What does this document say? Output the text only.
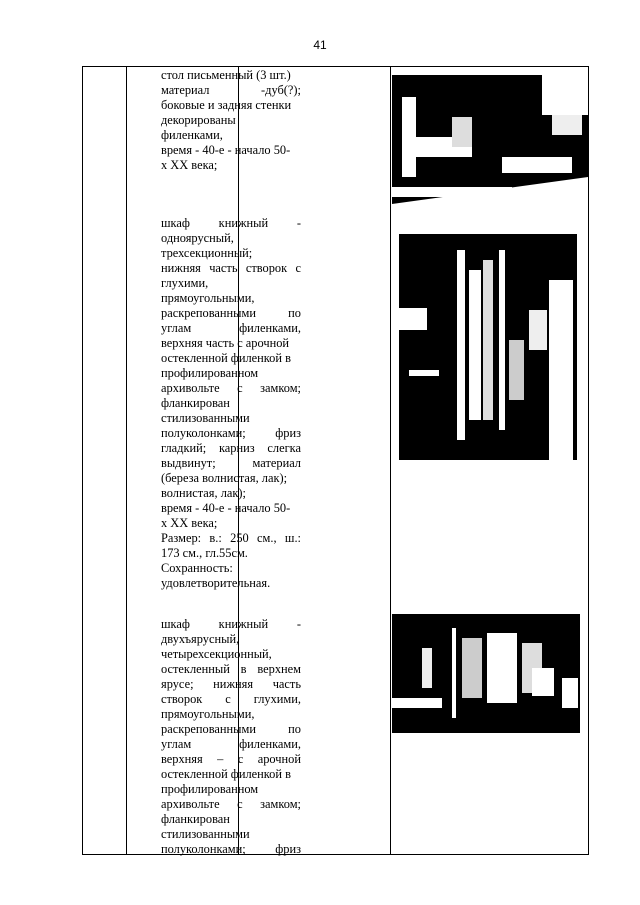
41
стол письменный (3 шт.)
материал -дуб(?);
боковые и задняя стенки
декорированы
филенками,
время - 40-е - начало 50-
х XX века;
шкаф книжный -
одноярусный,
трехсекционный;
нижняя часть створок с
глухими,
прямоугольными,
раскрепованными по
углам филенками,
верхняя часть с арочной
остекленной филенкой в
профилированном
архивольте с замком;
фланкирован
стилизованными
полуколонками; фриз
гладкий; карниз слегка
выдвинут; материал
(береза волнистая, лак);
волнистая, лак);
время - 40-е - начало 50-
х XX века;
Размер: в.: 250 см., ш.:
173 см., гл.55см.
Сохранность:
удовлетворительная.
шкаф книжный -
двухъярусный,
четырехсекционный,
остекленный в верхнем
ярусе; нижняя часть
створок с глухими,
прямоугольными,
раскрепованными по
углам филенками,
верхняя – с арочной
остекленной филенкой в
профилированном
архивольте с замком;
фланкирован
стилизованными
полуколонками; фриз
